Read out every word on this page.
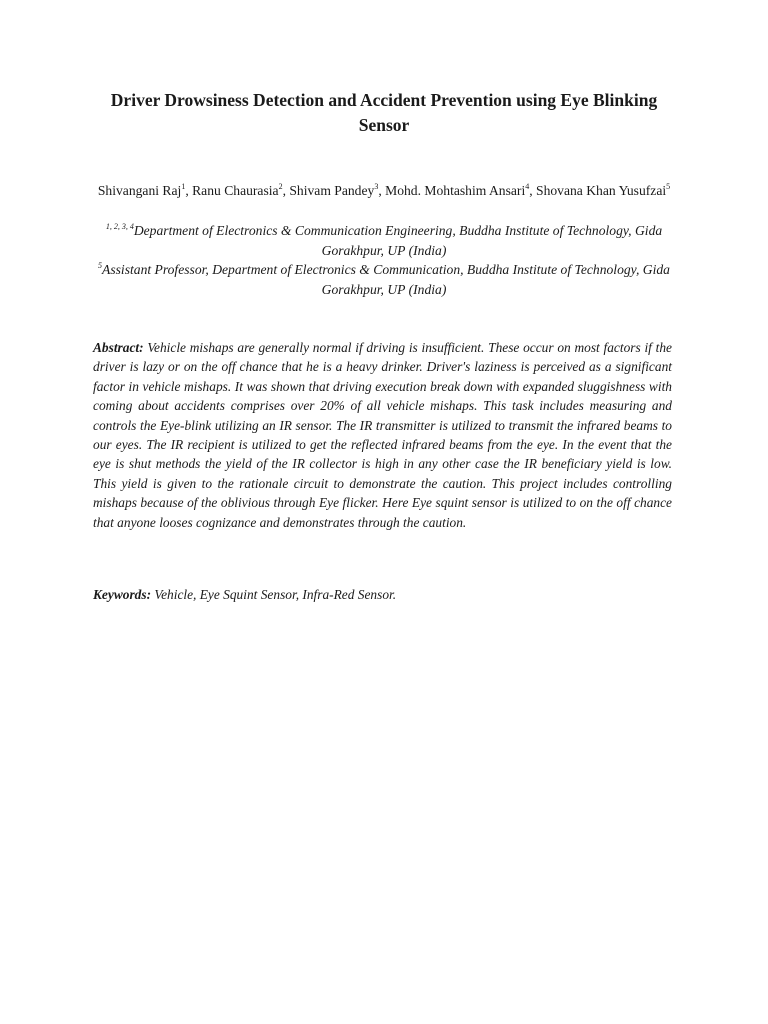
Driver Drowsiness Detection and Accident Prevention using Eye Blinking Sensor

Shivangani Raj$^1$, Ranu Chaurasia$^2$, Shivam Pandey$^3$, Mohd. Mohtashim Ansari$^4$, Shovana Khan Yusufzai$^5$

$^{1, 2, 3, 4}$Department of Electronics & Communication Engineering, Buddha Institute of Technology, Gida Gorakhpur, UP (India)

$^5$Assistant Professor, Department of Electronics & Communication, Buddha Institute of Technology, Gida Gorakhpur, UP (India)

Abstract: Vehicle mishaps are generally normal if driving is insufficient. These occur on most factors if the driver is lazy or on the off chance that he is a heavy drinker. Driver's laziness is perceived as a significant factor in vehicle mishaps. It was shown that driving execution break down with expanded sluggishness with coming about accidents comprises over 20% of all vehicle mishaps. This task includes measuring and controls the Eye-blink utilizing an IR sensor. The IR transmitter is utilized to transmit the infrared beams to our eyes. The IR recipient is utilized to get the reflected infrared beams from the eye. In the event that the eye is shut methods the yield of the IR collector is high in any other case the IR beneficiary yield is low. This yield is given to the rationale circuit to demonstrate the caution. This project includes controlling mishaps because of the oblivious through Eye flicker. Here Eye squint sensor is utilized to on the off chance that anyone looses cognizance and demonstrates through the caution.

Keywords: Vehicle, Eye Squint Sensor, Infra-Red Sensor.
